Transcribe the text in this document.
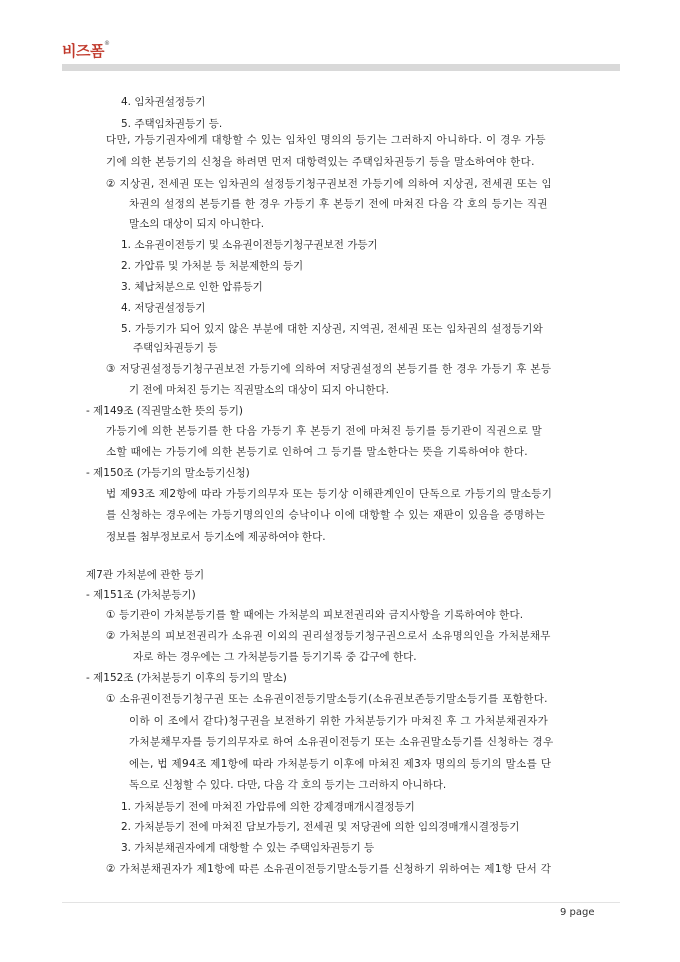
비즈폼®
4. 임차권설정등기
5. 주택임차권등기 등.
다만, 가등기권자에게 대항할 수 있는 임차인 명의의 등기는 그러하지 아니하다. 이 경우 가등
기에 의한 본등기의 신청을 하려면 먼저 대항력있는 주택임차권등기 등을 말소하여야 한다.
② 지상권, 전세권 또는 임차권의 설정등기청구권보전 가등기에 의하여 지상권, 전세권 또는 임
차권의 설정의 본등기를 한 경우 가등기 후 본등기 전에 마쳐진 다음 각 호의 등기는 직권
말소의 대상이 되지 아니한다.
1. 소유권이전등기 및 소유권이전등기청구권보전 가등기
2. 가압류 및 가처분 등 처분제한의 등기
3. 체납처분으로 인한 압류등기
4. 저당권설정등기
5. 가등기가 되어 있지 않은 부분에 대한 지상권, 지역권, 전세권 또는 임차권의 설정등기와
주택임차권등기 등
③ 저당권설정등기청구권보전 가등기에 의하여 저당권설정의 본등기를 한 경우 가등기 후 본등
기 전에 마쳐진 등기는 직권말소의 대상이 되지 아니한다.
- 제149조 (직권말소한 뜻의 등기)
가등기에 의한 본등기를 한 다음 가등기 후 본등기 전에 마쳐진 등기를 등기관이 직권으로 말
소할 때에는 가등기에 의한 본등기로 인하여 그 등기를 말소한다는 뜻을 기록하여야 한다.
- 제150조 (가등기의 말소등기신청)
법 제93조 제2항에 따라 가등기의무자 또는 등기상 이해관계인이 단독으로 가등기의 말소등기
를 신청하는 경우에는 가등기명의인의 승낙이나 이에 대항할 수 있는 재판이 있음을 증명하는
정보를 첨부정보로서 등기소에 제공하여야 한다.
제7관 가처분에 관한 등기
- 제151조 (가처분등기)
① 등기관이 가처분등기를 할 때에는 가처분의 피보전권리와 금지사항을 기록하여야 한다.
② 가처분의 피보전권리가 소유권 이외의 권리설정등기청구권으로서 소유명의인을 가처분채무
자로 하는 경우에는 그 가처분등기를 등기기록 중 갑구에 한다.
- 제152조 (가처분등기 이후의 등기의 말소)
① 소유권이전등기청구권 또는 소유권이전등기말소등기(소유권보존등기말소등기를 포함한다.
이하 이 조에서 같다)청구권을 보전하기 위한 가처분등기가 마쳐진 후 그 가처분채권자가
가처분채무자를 등기의무자로 하여 소유권이전등기 또는 소유권말소등기를 신청하는 경우
에는, 법 제94조 제1항에 따라 가처분등기 이후에 마쳐진 제3자 명의의 등기의 말소를 단
독으로 신청할 수 있다. 다만, 다음 각 호의 등기는 그러하지 아니하다.
1. 가처분등기 전에 마쳐진 가압류에 의한 강제경매개시결정등기
2. 가처분등기 전에 마쳐진 담보가등기, 전세권 및 저당권에 의한 임의경매개시결정등기
3. 가처분채권자에게 대항할 수 있는 주택임차권등기 등
② 가처분채권자가 제1항에 따른 소유권이전등기말소등기를 신청하기 위하여는 제1항 단서 각
9 page
